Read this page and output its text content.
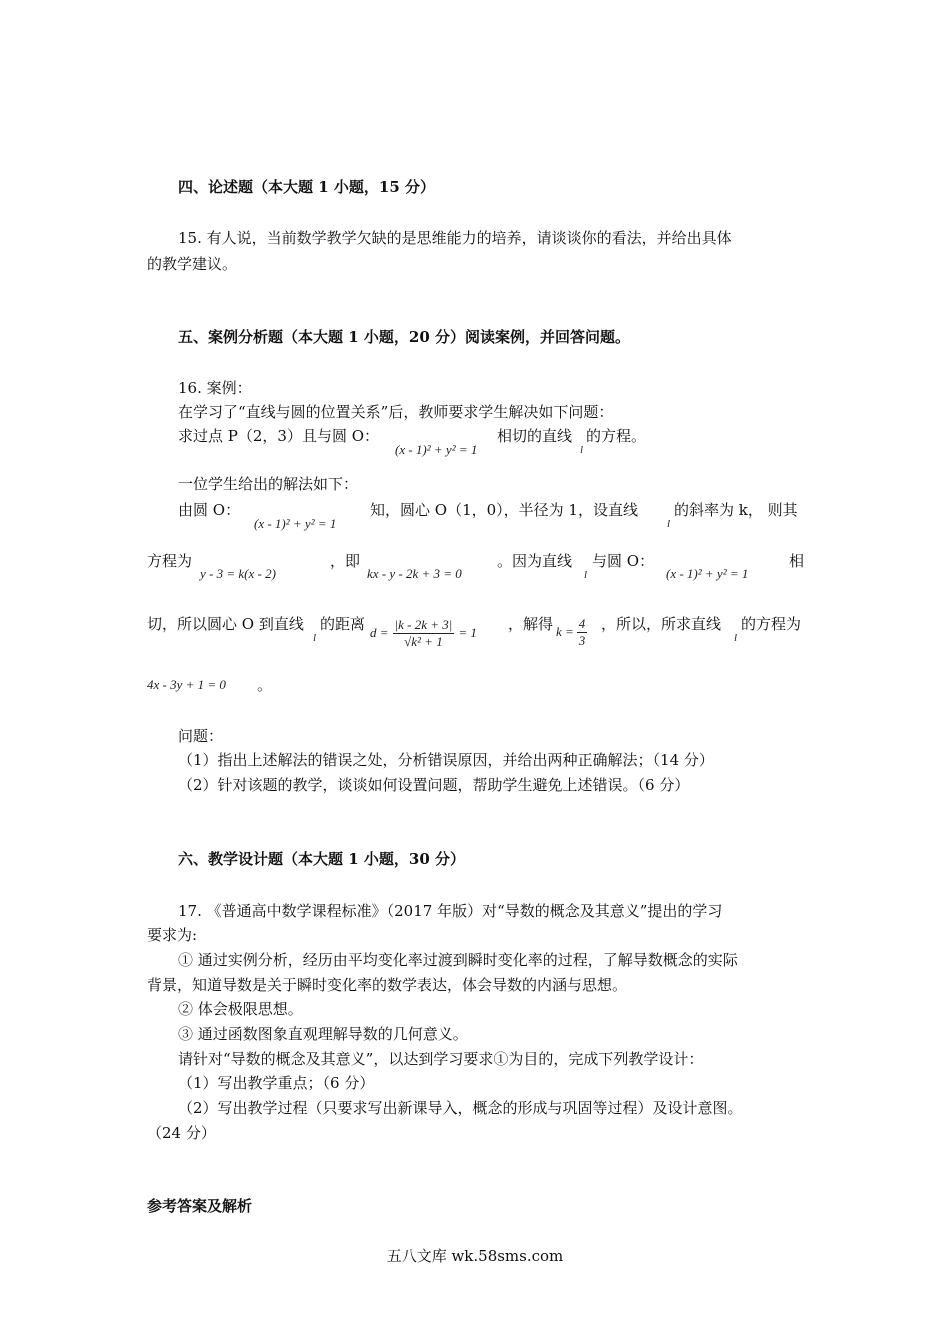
四、论述题（本大题 1 小题，15 分）
15. 有人说，当前数学教学欠缺的是思维能力的培养，请谈谈你的看法，并给出具体
的教学建议。
五、案例分析题（本大题 1 小题，20 分）阅读案例，并回答问题。
16. 案例：
在学习了“直线与圆的位置关系”后，教师要求学生解决如下问题：
求过点 P（2，3）且与圆 O：
(x - 1)² + y² = 1
相切的直线
l
的方程。
一位学生给出的解法如下：
由圆 O：
(x - 1)² + y² = 1
知，圆心 O（1，0），半径为 1，设直线
l
的斜率为 k， 则其
方程为
y - 3 = k(x - 2)
，即
kx - y - 2k + 3 = 0
。因为直线
l
与圆 O：
(x - 1)² + y² = 1
相
切，所以圆心 O 到直线
l
的距离 $d = \frac{|k - 2k + 3|}{\text{√k² + 1}} = 1$ ，解得 $k = \frac{4}{3}$ ，所以，所求直线
l
的方程为
4x - 3y + 1 = 0 。
问题：
（1）指出上述解法的错误之处，分析错误原因，并给出两种正确解法；（14 分）
（2）针对该题的教学，谈谈如何设置问题，帮助学生避免上述错误。（6 分）
六、教学设计题（本大题 1 小题，30 分）
17. 《普通高中数学课程标准》（2017 年版）对“导数的概念及其意义”提出的学习
要求为:
① 通过实例分析，经历由平均变化率过渡到瞬时变化率的过程，了解导数概念的实际
背景，知道导数是关于瞬时变化率的数学表达，体会导数的内涵与思想。
② 体会极限思想。
③ 通过函数图象直观理解导数的几何意义。
请针对“导数的概念及其意义”，以达到学习要求①为目的，完成下列教学设计：
（1）写出教学重点；（6 分）
（2）写出教学过程（只要求写出新课导入，概念的形成与巩固等过程）及设计意图。
（24 分）
参考答案及解析
五八文库 wk.58sms.com
